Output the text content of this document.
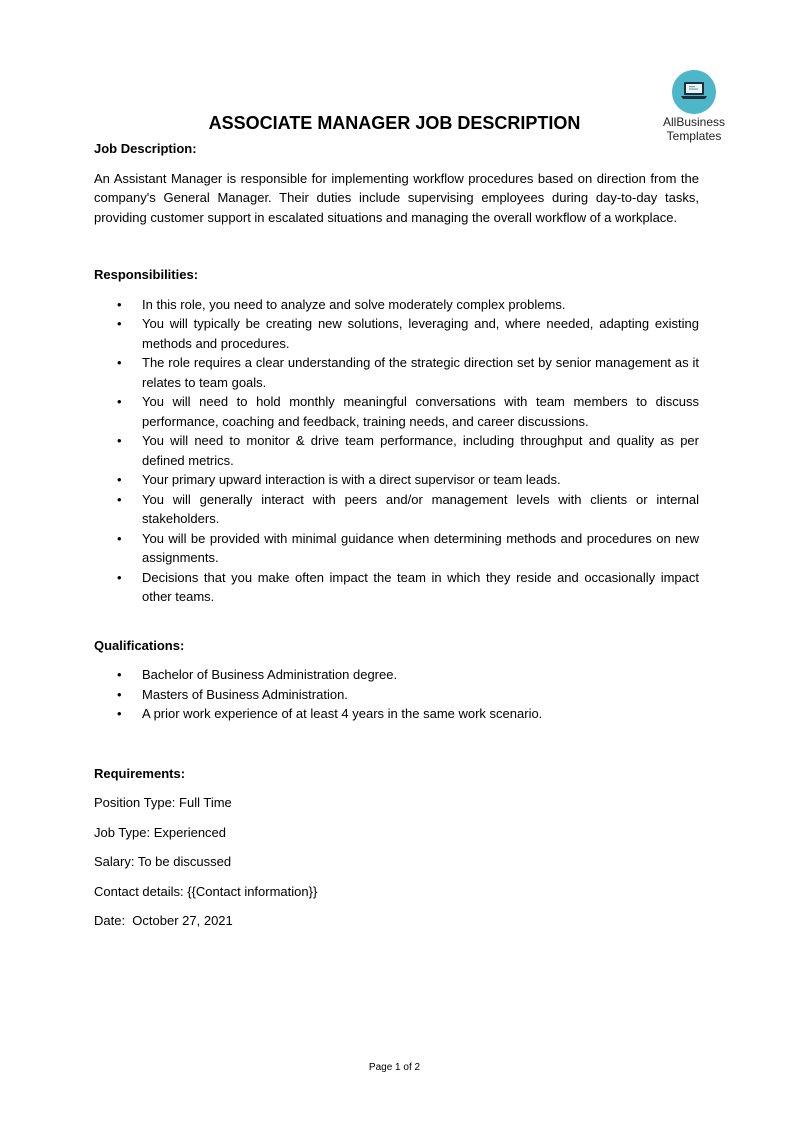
AllBusiness
Templates
ASSOCIATE MANAGER JOB DESCRIPTION

Job Description:

An Assistant Manager is responsible for implementing workflow procedures based on direction from the company's General Manager. Their duties include supervising employees during day-to-day tasks, providing customer support in escalated situations and managing the overall workflow of a workplace.

Responsibilities:

• In this role, you need to analyze and solve moderately complex problems.
• You will typically be creating new solutions, leveraging and, where needed, adapting existing methods and procedures.
• The role requires a clear understanding of the strategic direction set by senior management as it relates to team goals.
• You will need to hold monthly meaningful conversations with team members to discuss performance, coaching and feedback, training needs, and career discussions.
• You will need to monitor & drive team performance, including throughput and quality as per defined metrics.
• Your primary upward interaction is with a direct supervisor or team leads.
• You will generally interact with peers and/or management levels with clients or internal stakeholders.
• You will be provided with minimal guidance when determining methods and procedures on new assignments.
• Decisions that you make often impact the team in which they reside and occasionally impact other teams.

Qualifications:

• Bachelor of Business Administration degree.
• Masters of Business Administration.
• A prior work experience of at least 4 years in the same work scenario.

Requirements:

Position Type: Full Time

Job Type: Experienced

Salary: To be discussed

Contact details: {{Contact information}}

Date:  October 27, 2021

Page 1 of 2
